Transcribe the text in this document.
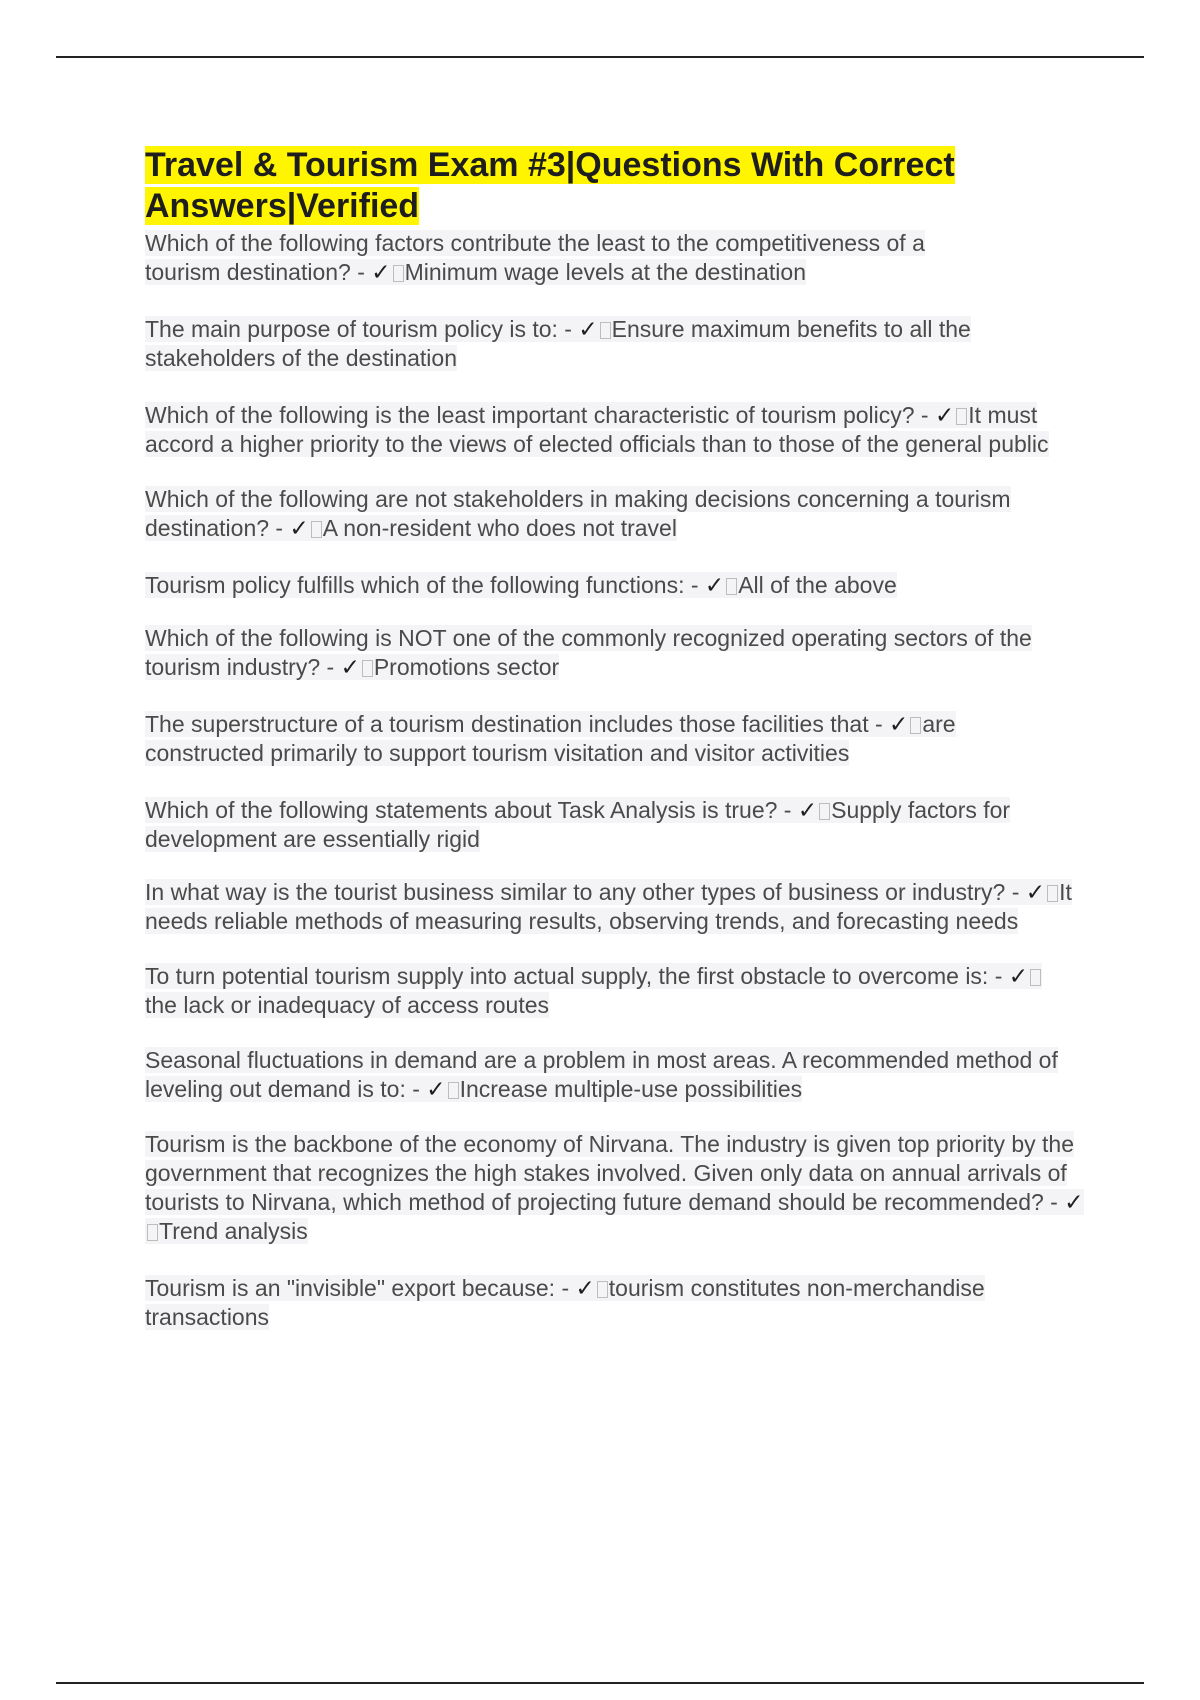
Travel & Tourism Exam #3|Questions With Correct Answers|Verified
Which of the following factors contribute the least to the competitiveness of a tourism destination? - ✓ Minimum wage levels at the destination
The main purpose of tourism policy is to: - ✓ Ensure maximum benefits to all the stakeholders of the destination
Which of the following is the least important characteristic of tourism policy? - ✓ It must accord a higher priority to the views of elected officials than to those of the general public
Which of the following are not stakeholders in making decisions concerning a tourism destination? - ✓ A non-resident who does not travel
Tourism policy fulfills which of the following functions: - ✓ All of the above
Which of the following is NOT one of the commonly recognized operating sectors of the tourism industry? - ✓ Promotions sector
The superstructure of a tourism destination includes those facilities that - ✓ are constructed primarily to support tourism visitation and visitor activities
Which of the following statements about Task Analysis is true? - ✓ Supply factors for development are essentially rigid
In what way is the tourist business similar to any other types of business or industry? - ✓ It needs reliable methods of measuring results, observing trends, and forecasting needs
To turn potential tourism supply into actual supply, the first obstacle to overcome is: - ✓the lack or inadequacy of access routes
Seasonal fluctuations in demand are a problem in most areas. A recommended method of leveling out demand is to: - ✓ Increase multiple-use possibilities
Tourism is the backbone of the economy of Nirvana. The industry is given top priority by the government that recognizes the high stakes involved. Given only data on annual arrivals of tourists to Nirvana, which method of projecting future demand should be recommended? - ✓Trend analysis
Tourism is an "invisible" export because: - ✓ tourism constitutes non-merchandise transactions
